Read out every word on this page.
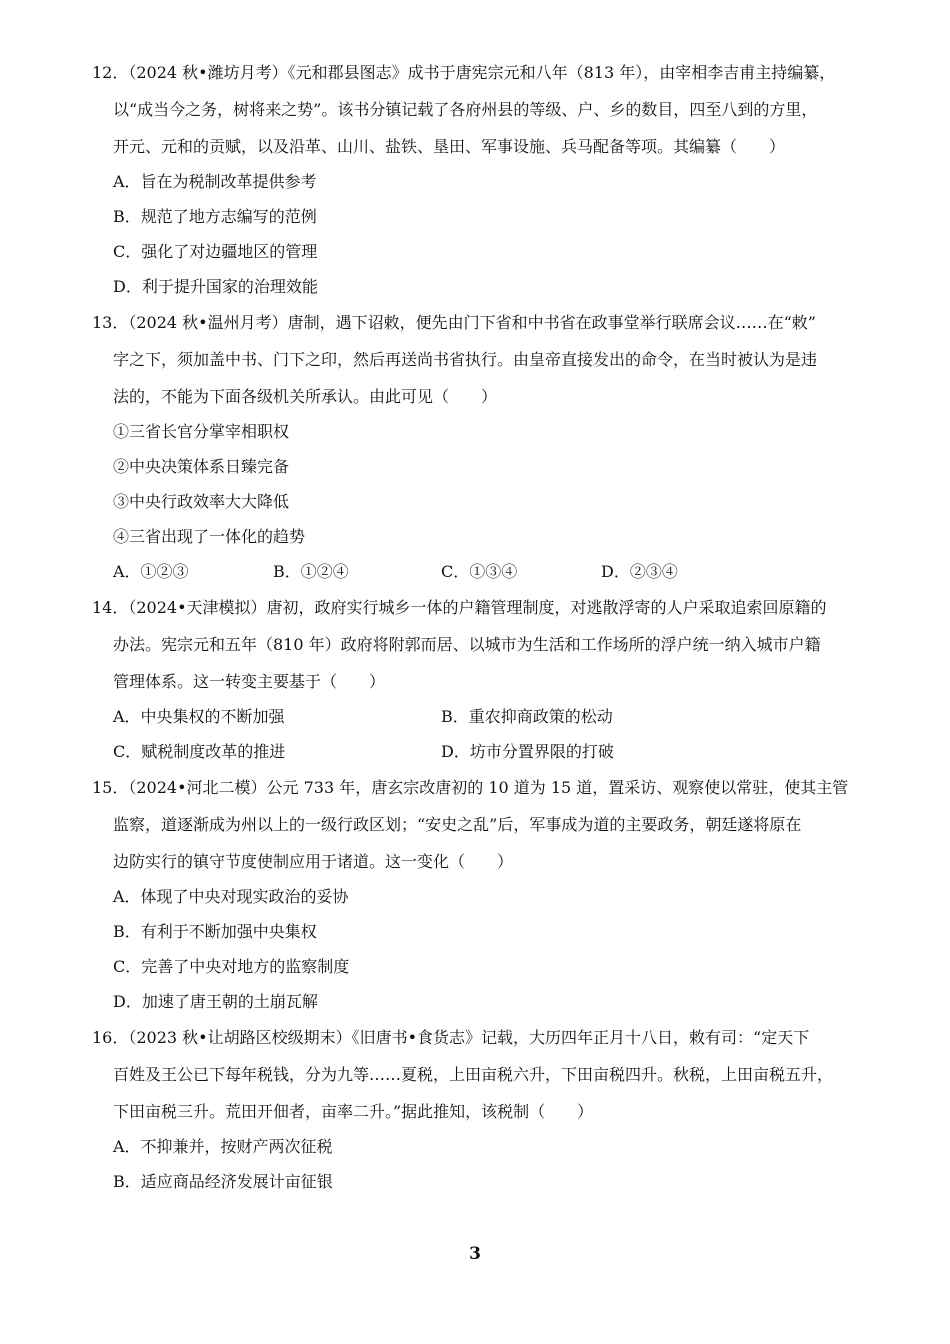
12．（2024 秋•潍坊月考）《元和郡县图志》成书于唐宪宗元和八年（813 年），由宰相李吉甫主持编纂，
以“成当今之务，树将来之势”。该书分镇记载了各府州县的等级、户、乡的数目，四至八到的方里，
开元、元和的贡赋，以及沿革、山川、盐铁、垦田、军事设施、兵马配备等项。其编纂（　　）
A．旨在为税制改革提供参考
B．规范了地方志编写的范例
C．强化了对边疆地区的管理
D．利于提升国家的治理效能
13．（2024 秋•温州月考）唐制，遇下诏敕，便先由门下省和中书省在政事堂举行联席会议……在“敕”
字之下，须加盖中书、门下之印，然后再送尚书省执行。由皇帝直接发出的命令，在当时被认为是违
法的，不能为下面各级机关所承认。由此可见（　　）
①三省长官分掌宰相职权
②中央决策体系日臻完备
③中央行政效率大大降低
④三省出现了一体化的趋势
A．①②③	B．①②④	C．①③④	D．②③④
14．（2024•天津模拟）唐初，政府实行城乡一体的户籍管理制度，对逃散浮寄的人户采取追索回原籍的
办法。宪宗元和五年（810 年）政府将附郭而居、以城市为生活和工作场所的浮户统一纳入城市户籍
管理体系。这一转变主要基于（　　）
A．中央集权的不断加强	B．重农抑商政策的松动
C．赋税制度改革的推进	D．坊市分置界限的打破
15．（2024•河北二模）公元 733 年，唐玄宗改唐初的 10 道为 15 道，置采访、观察使以常驻，使其主管
监察，道逐渐成为州以上的一级行政区划；“安史之乱”后，军事成为道的主要政务，朝廷遂将原在
边防实行的镇守节度使制应用于诸道。这一变化（　　）
A．体现了中央对现实政治的妥协
B．有利于不断加强中央集权
C．完善了中央对地方的监察制度
D．加速了唐王朝的土崩瓦解
16．（2023 秋•让胡路区校级期末）《旧唐书•食货志》记载，大历四年正月十八日，敕有司：“定天下
百姓及王公已下每年税钱，分为九等……夏税，上田亩税六升，下田亩税四升。秋税，上田亩税五升，
下田亩税三升。荒田开佃者，亩率二升。”据此推知，该税制（　　）
A．不抑兼并，按财产两次征税
B．适应商品经济发展计亩征银
3
